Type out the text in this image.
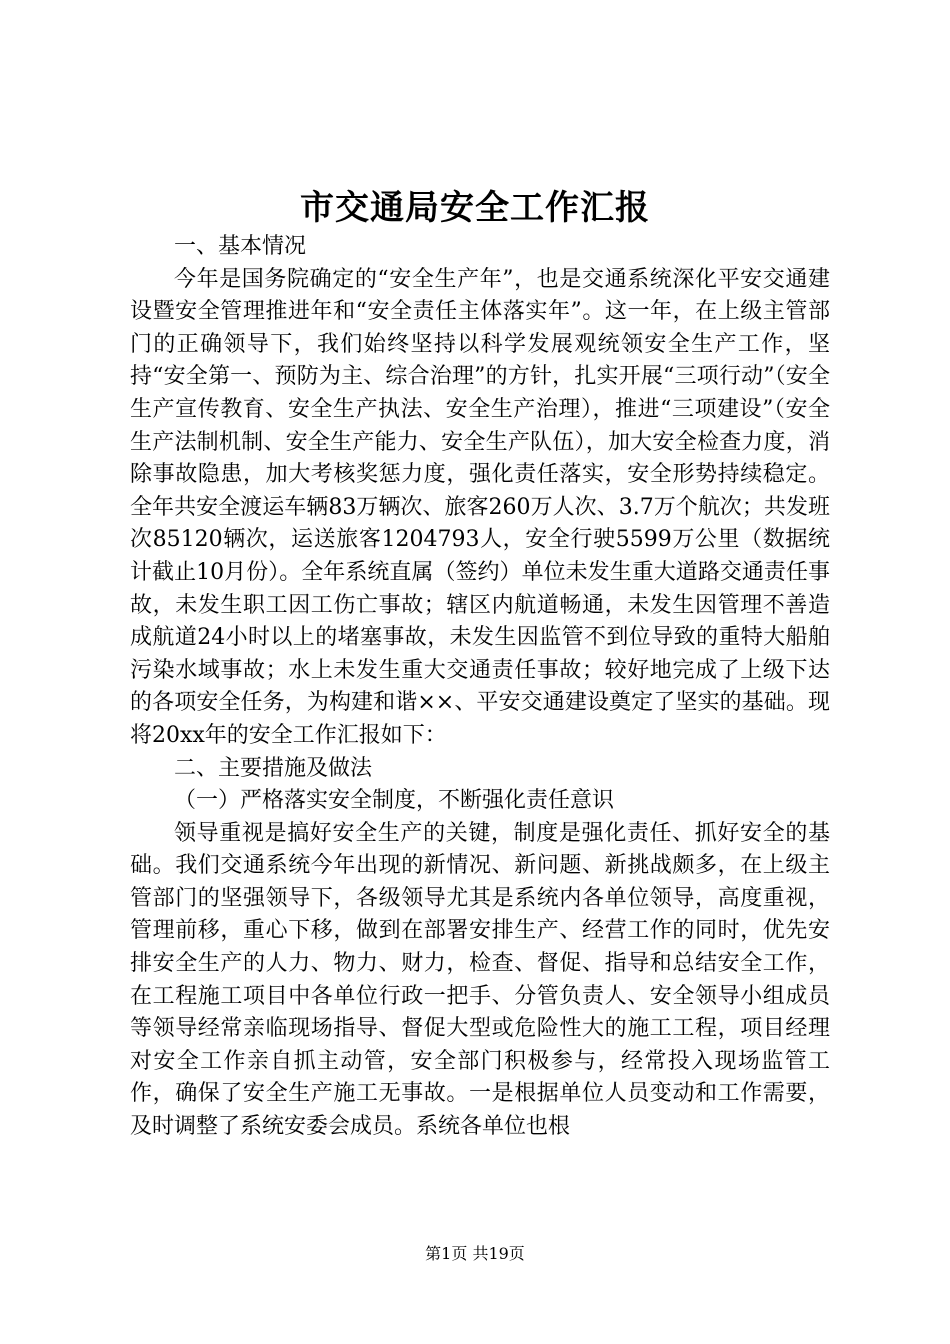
市交通局安全工作汇报

一、基本情况

今年是国务院确定的“安全生产年”，也是交通系统深化平安交通建设暨安全管理推进年和“安全责任主体落实年”。这一年，在上级主管部门的正确领导下，我们始终坚持以科学发展观统领安全生产工作，坚持“安全第一、预防为主、综合治理”的方针，扎实开展“三项行动”（安全生产宣传教育、安全生产执法、安全生产治理），推进“三项建设”（安全生产法制机制、安全生产能力、安全生产队伍），加大安全检查力度，消除事故隐患，加大考核奖惩力度，强化责任落实，安全形势持续稳定。全年共安全渡运车辆83万辆次、旅客260万人次、3.7万个航次；共发班次85120辆次，运送旅客1204793人，安全行驶5599万公里（数据统计截止10月份）。全年系统直属（签约）单位未发生重大道路交通责任事故，未发生职工因工伤亡事故；辖区内航道畅通，未发生因管理不善造成航道24小时以上的堵塞事故，未发生因监管不到位导致的重特大船舶污染水域事故；水上未发生重大交通责任事故；较好地完成了上级下达的各项安全任务，为构建和谐××、平安交通建设奠定了坚实的基础。现将20xx年的安全工作汇报如下：

二、主要措施及做法

（一）严格落实安全制度，不断强化责任意识

领导重视是搞好安全生产的关键，制度是强化责任、抓好安全的基础。我们交通系统今年出现的新情况、新问题、新挑战颇多，在上级主管部门的坚强领导下，各级领导尤其是系统内各单位领导，高度重视，管理前移，重心下移，做到在部署安排生产、经营工作的同时，优先安排安全生产的人力、物力、财力，检查、督促、指导和总结安全工作，在工程施工项目中各单位行政一把手、分管负责人、安全领导小组成员等领导经常亲临现场指导、督促大型或危险性大的施工工程，项目经理对安全工作亲自抓主动管，安全部门积极参与，经常投入现场监管工作，确保了安全生产施工无事故。一是根据单位人员变动和工作需要，及时调整了系统安委会成员。系统各单位也根

第1页 共19页
